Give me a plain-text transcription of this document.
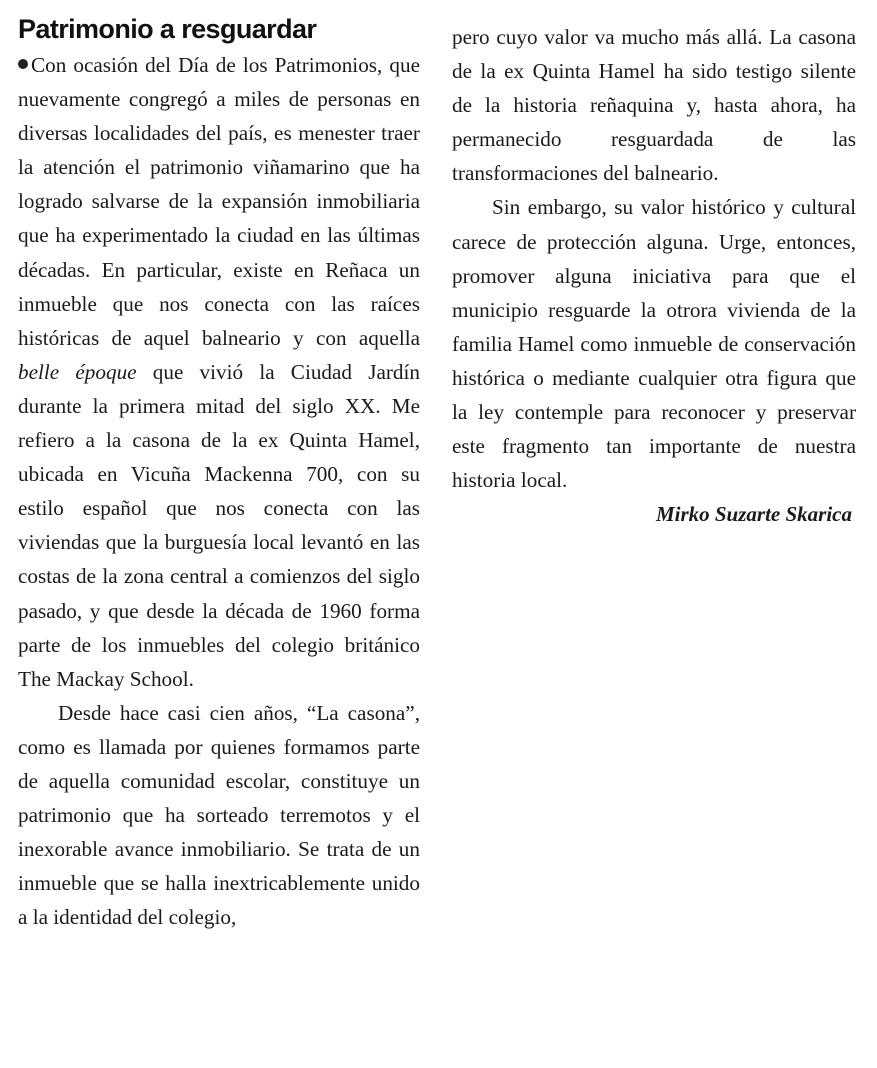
Patrimonio a resguardar

Con ocasión del Día de los Patrimonios, que nuevamente congregó a miles de personas en diversas localidades del país, es menester traer la atención el patrimonio viñamarino que ha logrado salvarse de la expansión inmobiliaria que ha experimentado la ciudad en las últimas décadas. En particular, existe en Reñaca un inmueble que nos conecta con las raíces históricas de aquel balneario y con aquella belle époque que vivió la Ciudad Jardín durante la primera mitad del siglo XX. Me refiero a la casona de la ex Quinta Hamel, ubicada en Vicuña Mackenna 700, con su estilo español que nos conecta con las viviendas que la burguesía local levantó en las costas de la zona central a comienzos del siglo pasado, y que desde la década de 1960 forma parte de los inmuebles del colegio británico The Mackay School.

Desde hace casi cien años, “La casona”, como es llamada por quienes formamos parte de aquella comunidad escolar, constituye un patrimonio que ha sorteado terremotos y el inexorable avance inmobiliario. Se trata de un inmueble que se halla inextricablemente unido a la identidad del colegio,

pero cuyo valor va mucho más allá. La casona de la ex Quinta Hamel ha sido testigo silente de la historia reñaquina y, hasta ahora, ha permanecido resguardada de las transformaciones del balneario.

Sin embargo, su valor histórico y cultural carece de protección alguna. Urge, entonces, promover alguna iniciativa para que el municipio resguarde la otrora vivienda de la familia Hamel como inmueble de conservación histórica o mediante cualquier otra figura que la ley contemple para reconocer y preservar este fragmento tan importante de nuestra historia local.

Mirko Suzarte Skarica
